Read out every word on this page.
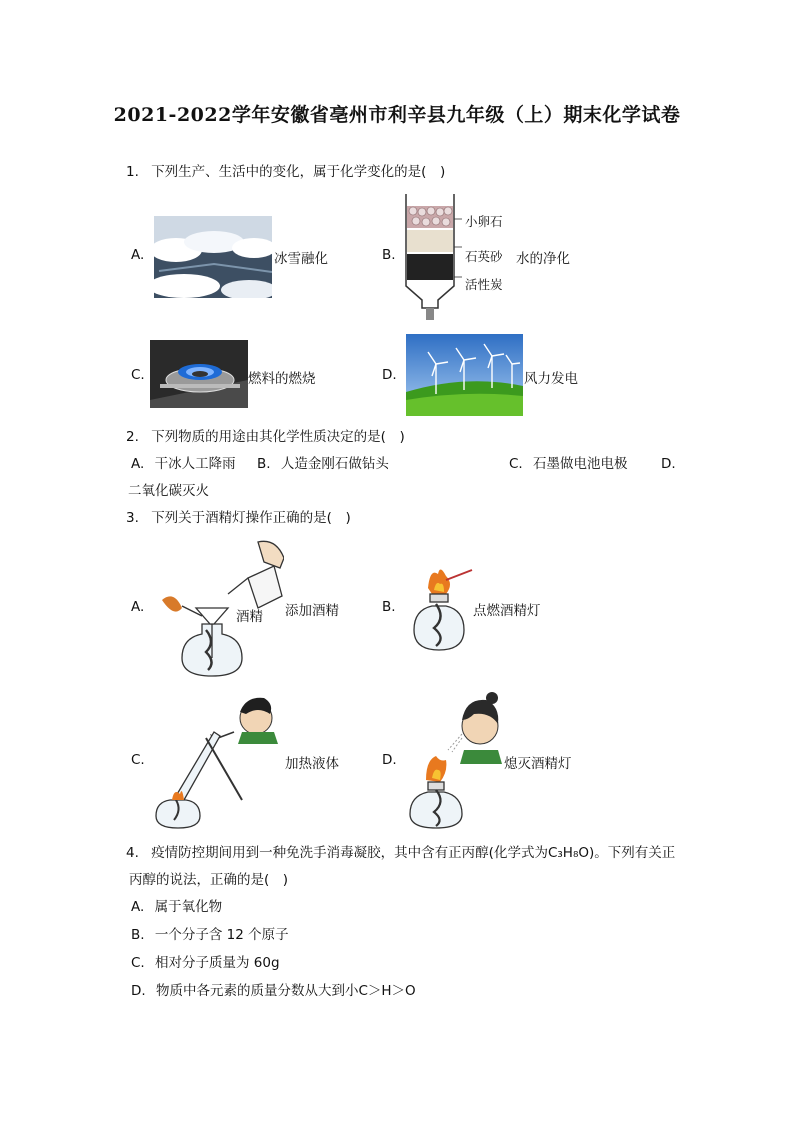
2021-2022学年安徽省亳州市利辛县九年级（上）期末化学试卷
1. 下列生产、生活中的变化，属于化学变化的是(　)
A.	冰雪融化	B.
小卵石
石英砂 水的净化
活性炭
C.	燃料的燃烧	D.	风力发电
2. 下列物质的用途由其化学性质决定的是(　)
A. 干冰人工降雨 B. 人造金刚石做钻头	C. 石墨做电池电极 D.
二氧化碳灭火
3. 下列关于酒精灯操作正确的是(　)
A.
酒精 添加酒精	B.	点燃酒精灯
C.	加热液体	D.	熄灭酒精灯
4. 疫情防控期间用到一种免洗手消毒凝胶，其中含有正丙醇(化学式为C₃H₈O)。下列有关正
丙醇的说法，正确的是(　)
A. 属于氧化物
B. 一个分子含 12 个原子
C. 相对分子质量为 60g
D. 物质中各元素的质量分数从大到小C＞H＞O
